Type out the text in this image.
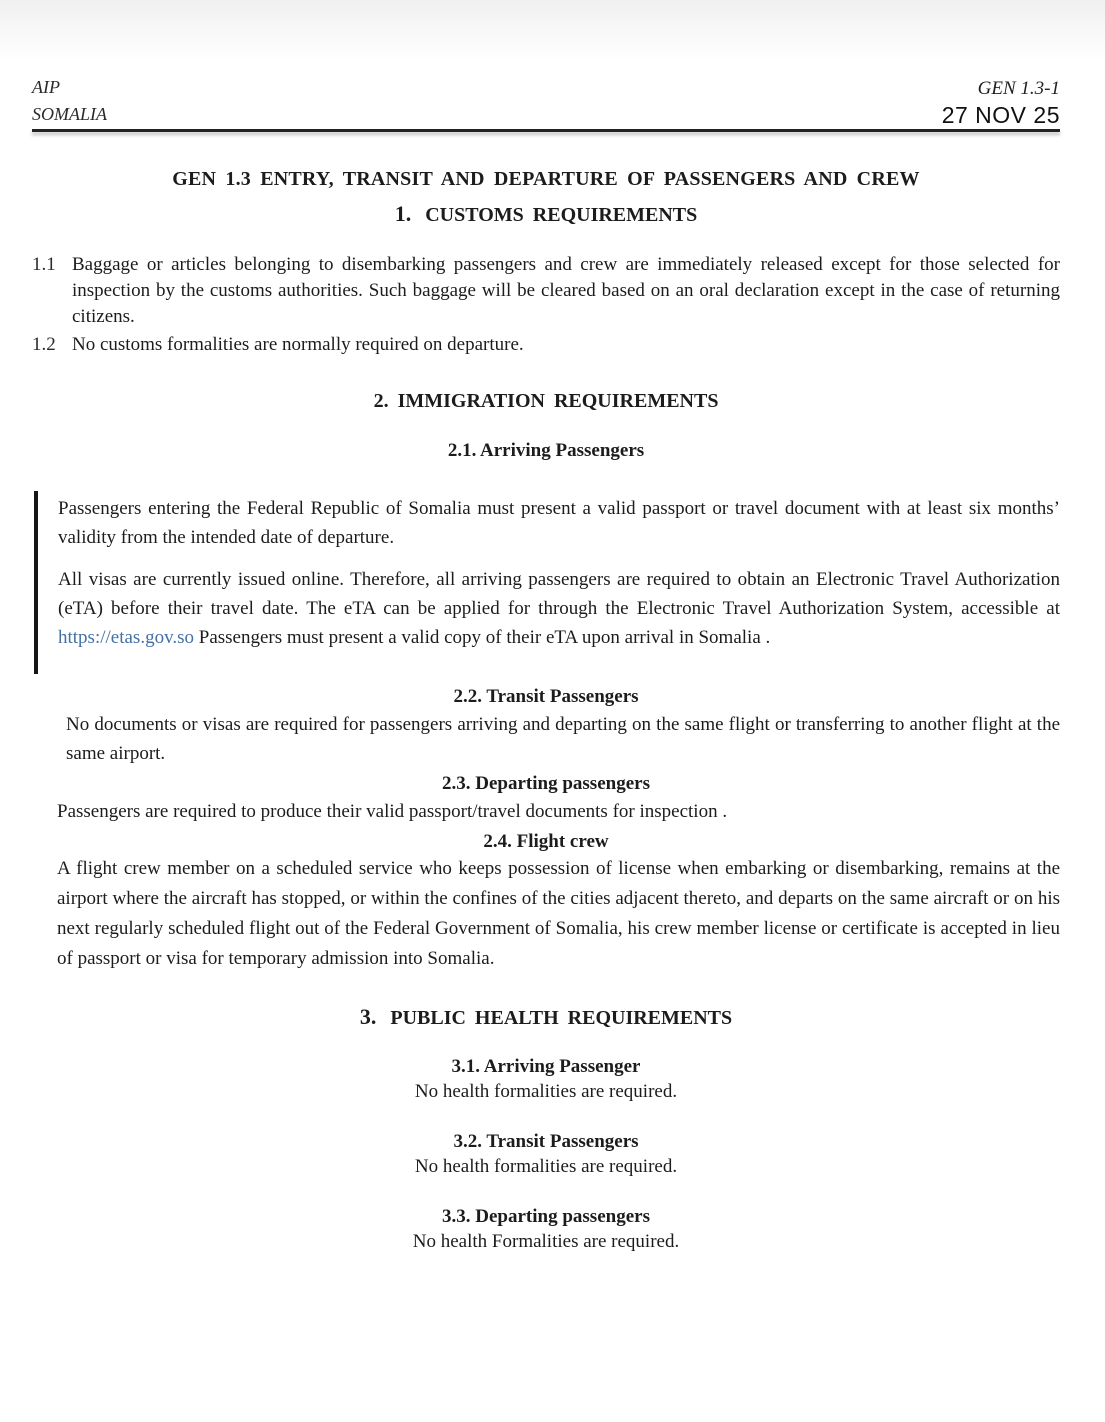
AIP
SOMALIA
GEN 1.3-1
27 NOV 25
GEN 1.3 ENTRY, TRANSIT AND DEPARTURE OF PASSENGERS AND CREW
1. CUSTOMS REQUIREMENTS
1.1 Baggage or articles belonging to disembarking passengers and crew are immediately released except for those selected for inspection by the customs authorities. Such baggage will be cleared based on an oral declaration except in the case of returning citizens.
1.2 No customs formalities are normally required on departure.
2. IMMIGRATION REQUIREMENTS
2.1. Arriving Passengers

Passengers entering the Federal Republic of Somalia must present a valid passport or travel document with at least six months’ validity from the intended date of departure.

All visas are currently issued online. Therefore, all arriving passengers are required to obtain an Electronic Travel Authorization (eTA) before their travel date. The eTA can be applied for through the Electronic Travel Authorization System, accessible at https://etas.gov.so Passengers must present a valid copy of their eTA upon arrival in Somalia .

2.2. Transit Passengers

No documents or visas are required for passengers arriving and departing on the same flight or transferring to another flight at the same airport.

2.3. Departing passengers

Passengers are required to produce their valid passport/travel documents for inspection .

2.4. Flight crew

A flight crew member on a scheduled service who keeps possession of license when embarking or disembarking, remains at the airport where the aircraft has stopped, or within the confines of the cities adjacent thereto, and departs on the same aircraft or on his next regularly scheduled flight out of the Federal Government of Somalia, his crew member license or certificate is accepted in lieu of passport or visa for temporary admission into Somalia.

3. PUBLIC HEALTH REQUIREMENTS
3.1. Arriving Passenger

No health formalities are required.

3.2. Transit Passengers

No health formalities are required.

3.3. Departing passengers

No health Formalities are required.
